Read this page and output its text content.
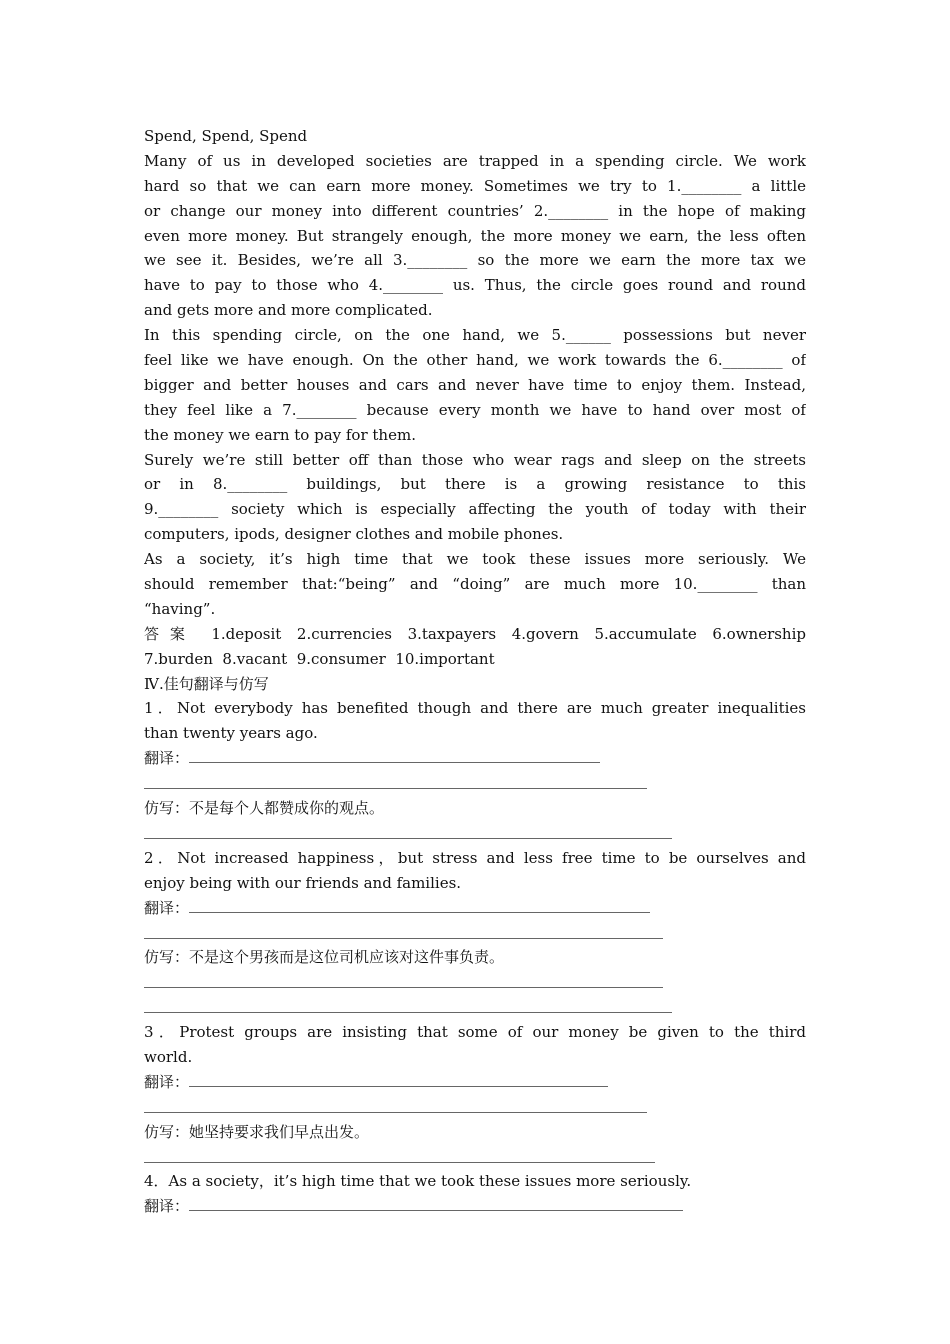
Spend, Spend, Spend
Many of us in developed societies are trapped in a spending circle. We work
hard so that we can earn more money. Sometimes we try to 1.________ a little
or change our money into different countries’ 2.________ in the hope of making
even more money. But strangely enough, the more money we earn, the less often
we see it. Besides, we’re all 3.________ so the more we earn the more tax we
have to pay to those who 4.________ us. Thus, the circle goes round and round
and gets more and more complicated.
In this spending circle, on the one hand, we 5.______ possessions but never
feel like we have enough. On the other hand, we work towards the 6.________ of
bigger and better houses and cars and never have time to enjoy them. Instead,
they feel like a 7.________ because every month we have to hand over most of
the money we earn to pay for them.
Surely we’re still better off than those who wear rags and sleep on the streets
or in 8.________ buildings, but there is a growing resistance to this
9.________ society which is especially affecting the youth of today with their
computers, ipods, designer clothes and mobile phones.
As a society, it’s high time that we took these issues more seriously. We
should remember that:“being” and “doing” are much more 10.________ than
“having”.
答案 1.deposit 2.currencies 3.taxpayers 4.govern 5.accumulate 6.ownership
7.burden  8.vacant  9.consumer  10.important
Ⅳ.佳句翻译与仿写
1．Not everybody has benefited though and there are much greater inequalities
than twenty years ago.
翻译：
仿写：不是每个人都赞成你的观点。
2．Not increased happiness，but stress and less free time to be ourselves and
enjoy being with our friends and families.
翻译：
仿写：不是这个男孩而是这位司机应该对这件事负责。
3．Protest groups are insisting that some of our money be given to the third
world.
翻译：
仿写：她坚持要求我们早点出发。
4．As a society，it’s high time that we took these issues more seriously.
翻译：
